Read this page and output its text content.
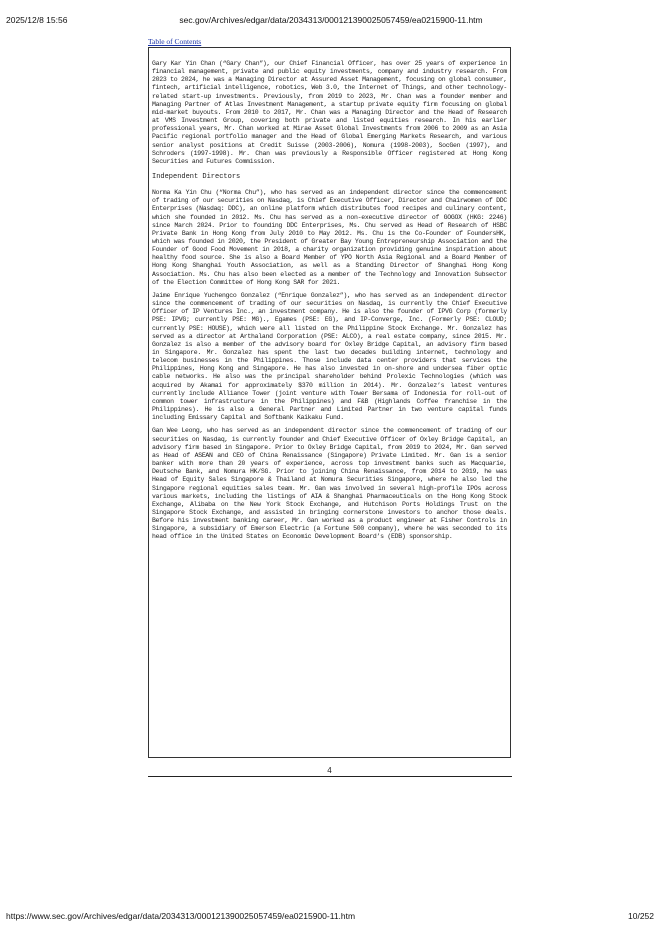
2025/12/8 15:56	sec.gov/Archives/edgar/data/2034313/000121390025057459/ea0215900-11.htm
Table of Contents

Gary Kar Yin Chan (“Gary Chan”), our Chief Financial Officer, has over 25 years of experience in financial management, private and public equity investments, company and industry research. From 2023 to 2024, he was a Managing Director at Assured Asset Management, focusing on global consumer, fintech, artificial intelligence, robotics, Web 3.0, the Internet of Things, and other technology-related start-up investments. Previously, from 2019 to 2023, Mr. Chan was a founder member and Managing Partner of Atlas Investment Management, a startup private equity firm focusing on global mid-market buyouts. From 2010 to 2017, Mr. Chan was a Managing Director and the Head of Research at VMS Investment Group, covering both private and listed equities research. In his earlier professional years, Mr. Chan worked at Mirae Asset Global Investments from 2006 to 2009 as an Asia Pacific regional portfolio manager and the Head of Global Emerging Markets Research, and various senior analyst positions at Credit Suisse (2003-2006), Nomura (1998-2003), SocGen (1997), and Schroders (1997-1998). Mr. Chan was previously a Responsible Officer registered at Hong Kong Securities and Futures Commission.

Independent Directors

Norma Ka Yin Chu (“Norma Chu”), who has served as an independent director since the commencement of trading of our securities on Nasdaq, is Chief Executive Officer, Director and Chairwomen of DDC Enterprises (Nasdaq: DDC), an online platform which distributes food recipes and culinary content, which she founded in 2012. Ms. Chu has served as a non-executive director of GOGOX (HKG: 2246) since March 2024. Prior to founding DDC Enterprises, Ms. Chu served as Head of Research of HSBC Private Bank in Hong Kong from July 2010 to May 2012. Ms. Chu is the Co-Founder of FoundersHK, which was founded in 2020, the President of Greater Bay Young Entrepreneurship Association and the Founder of Good Food Movement in 2018, a charity organization providing genuine inspiration about healthy food source. She is also a Board Member of YPO North Asia Regional and a Board Member of Hong Kong Shanghai Youth Association, as well as a Standing Director of Shanghai Hong Kong Association. Ms. Chu has also been elected as a member of the Technology and Innovation Subsector of the Election Committee of Hong Kong SAR for 2021.

Jaime Enrique Yuchengco Gonzalez (“Enrique Gonzalez”), who has served as an independent director since the commencement of trading of our securities on Nasdaq, is currently the Chief Executive Officer of IP Ventures Inc., an investment company. He is also the founder of IPVG Corp (formerly PSE: IPVG; currently PSE: MG)., Egames (PSE: EG), and IP-Converge, Inc. (Formerly PSE: CLOUD; currently PSE: HOUSE), which were all listed on the Philippine Stock Exchange. Mr. Gonzalez has served as a director at Arthaland Corporation (PSE: ALCO), a real estate company, since 2015. Mr. Gonzalez is also a member of the advisory board for Oxley Bridge Capital, an advisory firm based in Singapore. Mr. Gonzalez has spent the last two decades building internet, technology and telecom businesses in the Philippines. Those include data center providers that services the Philippines, Hong Kong and Singapore. He has also invested in on-shore and undersea fiber optic cable networks. He also was the principal shareholder behind Prolexic Technologies (which was acquired by Akamai for approximately $370 million in 2014). Mr. Gonzalez’s latest ventures currently include Alliance Tower (joint venture with Tower Bersama of Indonesia for roll-out of common tower infrastructure in the Philippines) and F&B (Highlands Coffee franchise in the Philippines). He is also a General Partner and Limited Partner in two venture capital funds including Emissary Capital and Softbank Kaikaku Fund.

Gan Wee Leong, who has served as an independent director since the commencement of trading of our securities on Nasdaq, is currently founder and Chief Executive Officer of Oxley Bridge Capital, an advisory firm based in Singapore. Prior to Oxley Bridge Capital, from 2019 to 2024, Mr. Gan served as Head of ASEAN and CEO of China Renaissance (Singapore) Private Limited. Mr. Gan is a senior banker with more than 20 years of experience, across top investment banks such as Macquarie, Deutsche Bank, and Nomura HK/SG. Prior to joining China Renaissance, from 2014 to 2019, he was Head of Equity Sales Singapore & Thailand at Nomura Securities Singapore, where he also led the Singapore regional equities sales team. Mr. Gan was involved in several high-profile IPOs across various markets, including the listings of AIA & Shanghai Pharmaceuticals on the Hong Kong Stock Exchange, Alibaba on the New York Stock Exchange, and Hutchison Ports Holdings Trust on the Singapore Stock Exchange, and assisted in bringing cornerstone investors to anchor those deals. Before his investment banking career, Mr. Gan worked as a product engineer at Fisher Controls in Singapore, a subsidiary of Emerson Electric (a Fortune 500 company), where he was seconded to its head office in the United States on Economic Development Board’s (EDB) sponsorship.

4
https://www.sec.gov/Archives/edgar/data/2034313/000121390025057459/ea0215900-11.htm	10/252
